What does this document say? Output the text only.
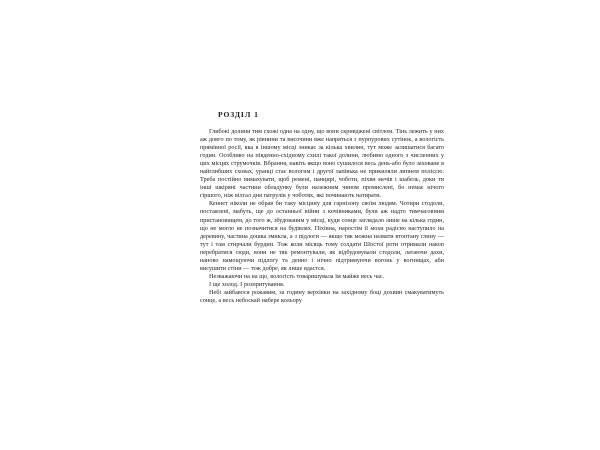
РОЗДІЛ 1

Глибокі долини тим схожі одна на одну, що вони скривджені світлом. Тінь лежить у них аж довго по тому, як рівнини та височини вже напряться з пурпурових сутінок, а вологість прямівної росії, яка в іншому місці зникає за кілька хвилин, тут може залишатися багато годин. Особливо на південно-східному схилі такої долини, любимо одного з численних у цих місцях струмочків. Вбрання, навіть якщо воно сушилося весь день-або було заховане в найглибших сховах, уранці стає вологим і другої лапівька не прикиляли липнем поліссю. Треба постійно вимахувати, щоб ремені, панцирі, чоботи, піхви мечів і шабель, доки ти інші шкіряні частини обладунку були належним чином промислені, бо немає нічого гіршого, ніж вілгал дня патрулів у чоботях, які починають натирати.

Кеннет ніколи не обрав би таку місцину для гарнізону своїм людям. Чотири стодоли, постаялені, мабуть, ще до останньої війни з кочівниками, були аж надто тимчасовним пристановищем, до того ж, збудованим у місці, куди сонце заглядало лише на кілька годин, що не могло не позначитися на будівлях. Піхівна, наростім ії мохи радісно наступило на деревину, частина дошка змикла, а з підлоги — якщо тяк можна назвати втоптану глину — тут і там стирчали бурдин. Тож коли місяць тому солдати Шостої роти отримали накоп перебратися сюди, вони не тяк ремонтували, як відбудовували стодоли, латаючи дахи, наново намощуючи підлогу та денно і нічно підтримуючи вогонь у вогнищах, аби висушити стіни — тож добре, як лише вдастся.

Незважаючи на на що, вологість товаришувала їм майже весь час.

І ще холод. І розпритування.

Небі зайбавося рожавим, за годину верхівки на західному боці дохвин смакуватимуть сонце, а весь небоскай набере кольору
